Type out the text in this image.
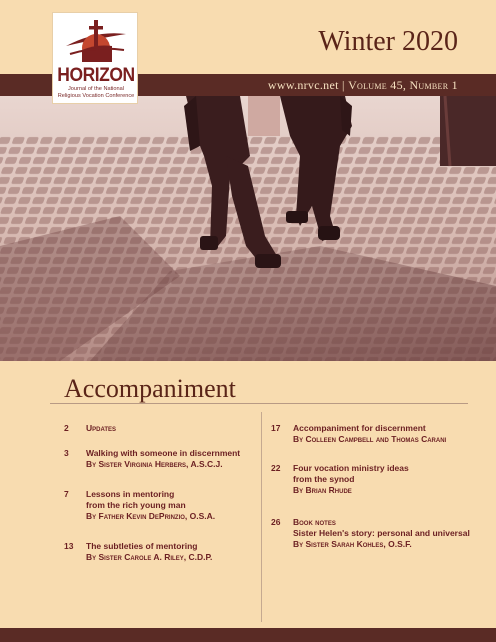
Winter 2020
HORIZON
Journal of the National Religious Vocation Conference
www.nrvc.net | Volume 45, Number 1
Accompaniment
2	Updates
3	Walking with someone in discernment
By Sister Virginia Herbers, A.S.C.J.
7	Lessons in mentoring
from the rich young man
By Father Kevin DePrinzio, O.S.A.
13	The subtleties of mentoring
By Sister Carole A. Riley, C.D.P.
17	Accompaniment for discernment
By Colleen Campbell and Thomas Carani
22	Four vocation ministry ideas
from the synod
By Brian Rhude
26	Book notes
Sister Helen's story: personal and universal
By Sister Sarah Kohles, O.S.F.
